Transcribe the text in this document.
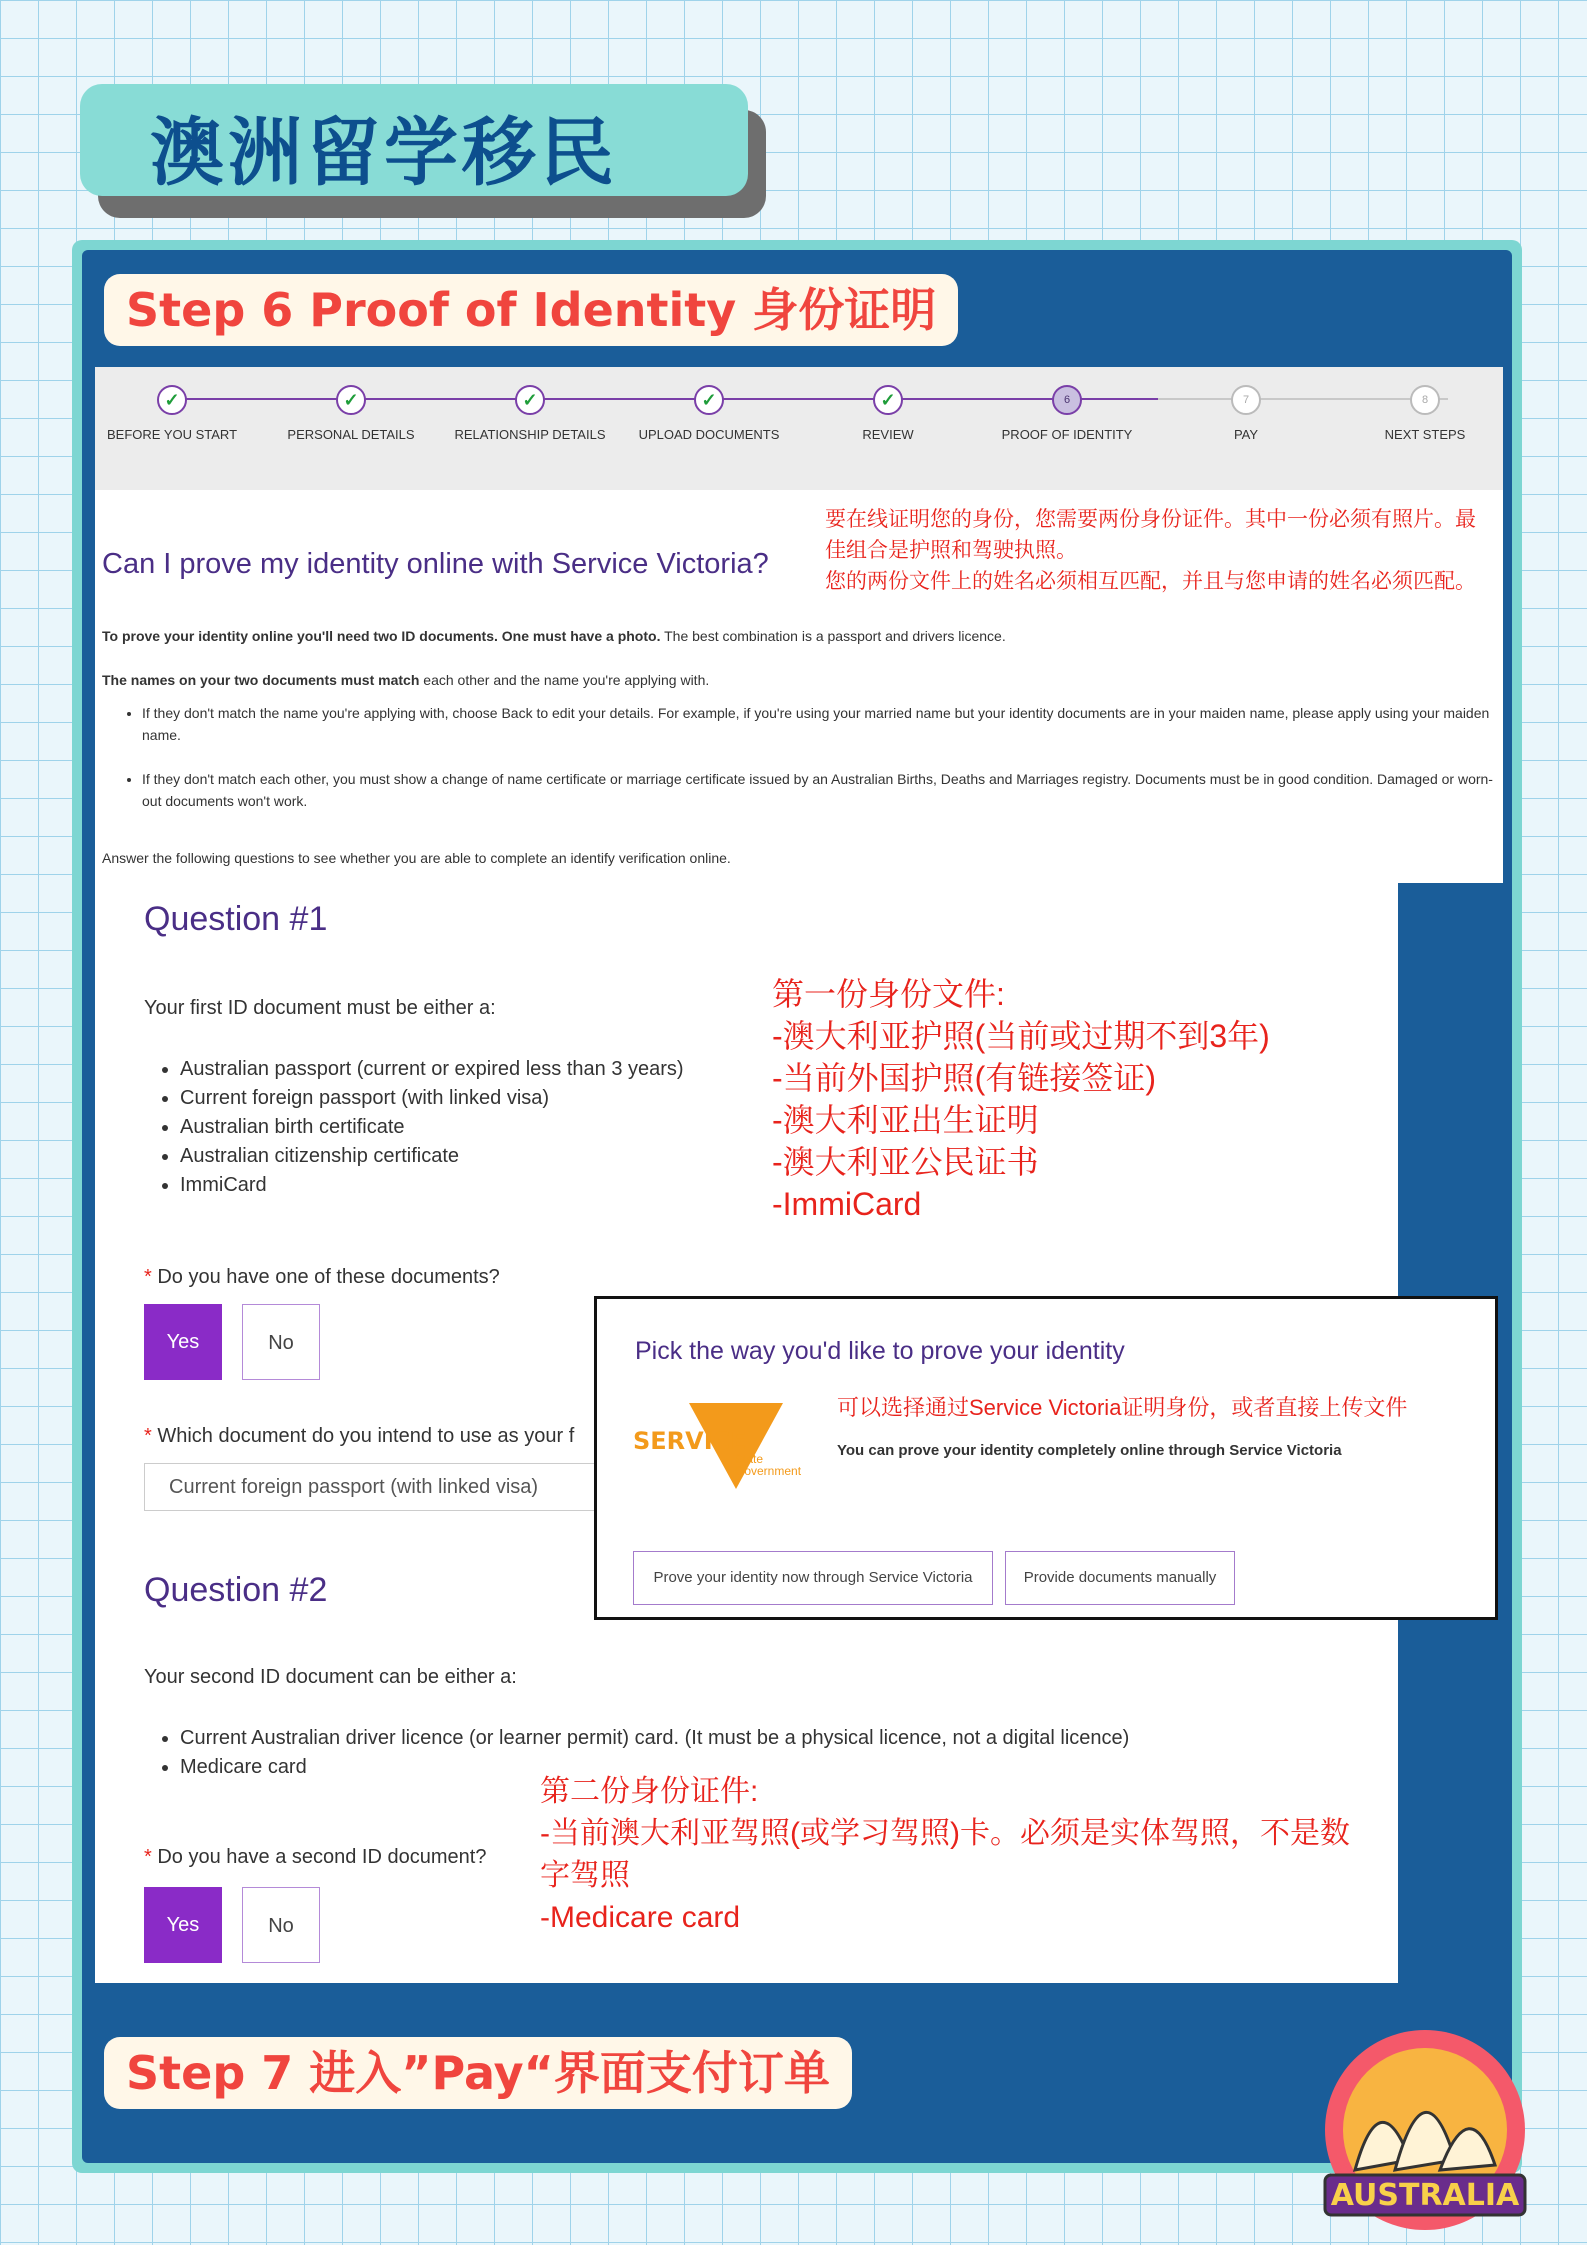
澳洲留学移民
Step 6 Proof of Identity 身份证明
✓
BEFORE YOU START
✓
PERSONAL DETAILS
✓
RELATIONSHIP DETAILS
✓
UPLOAD DOCUMENTS
✓
REVIEW
6
PROOF OF IDENTITY
7
PAY
8
NEXT STEPS
要在线证明您的身份，您需要两份身份证件。其中一份必须有照片。最佳组合是护照和驾驶执照。
您的两份文件上的姓名必须相互匹配，并且与您申请的姓名必须匹配。
Can I prove my identity online with Service Victoria?
To prove your identity online you'll need two ID documents. One must have a photo. The best combination is a passport and drivers licence.
The names on your two documents must match each other and the name you're applying with.
• If they don't match the name you're applying with, choose Back to edit your details. For example, if you're using your married name but your identity documents are in your maiden name, please apply using your maiden name.
• If they don't match each other, you must show a change of name certificate or marriage certificate issued by an Australian Births, Deaths and Marriages registry. Documents must be in good condition. Damaged or worn-out documents won't work.
Answer the following questions to see whether you are able to complete an identify verification online.
Question #1
Your first ID document must be either a:
• Australian passport (current or expired less than 3 years)
• Current foreign passport (with linked visa)
• Australian birth certificate
• Australian citizenship certificate
• ImmiCard
第一份身份文件:
-澳大利亚护照(当前或过期不到3年)
-当前外国护照(有链接签证)
-澳大利亚出生证明
-澳大利亚公民证书
-ImmiCard
* Do you have one of these documents?
Yes	No
* Which document do you intend to use as your f
Current foreign passport (with linked visa)
Question #2
Your second ID document can be either a:
• Current Australian driver licence (or learner permit) card. (It must be a physical licence, not a digital licence)
• Medicare card
第二份身份证件:
-当前澳大利亚驾照(或学习驾照)卡。必须是实体驾照，不是数字驾照
-Medicare card
* Do you have a second ID document?
Yes	No
Pick the way you'd like to prove your identity
可以选择通过Service Victoria证明身份，或者直接上传文件
SERVICE
State
Government
You can prove your identity completely online through Service Victoria
Prove your identity now through Service Victoria	Provide documents manually
Step 7 进入”Pay“界面支付订单
AUSTRALIA
